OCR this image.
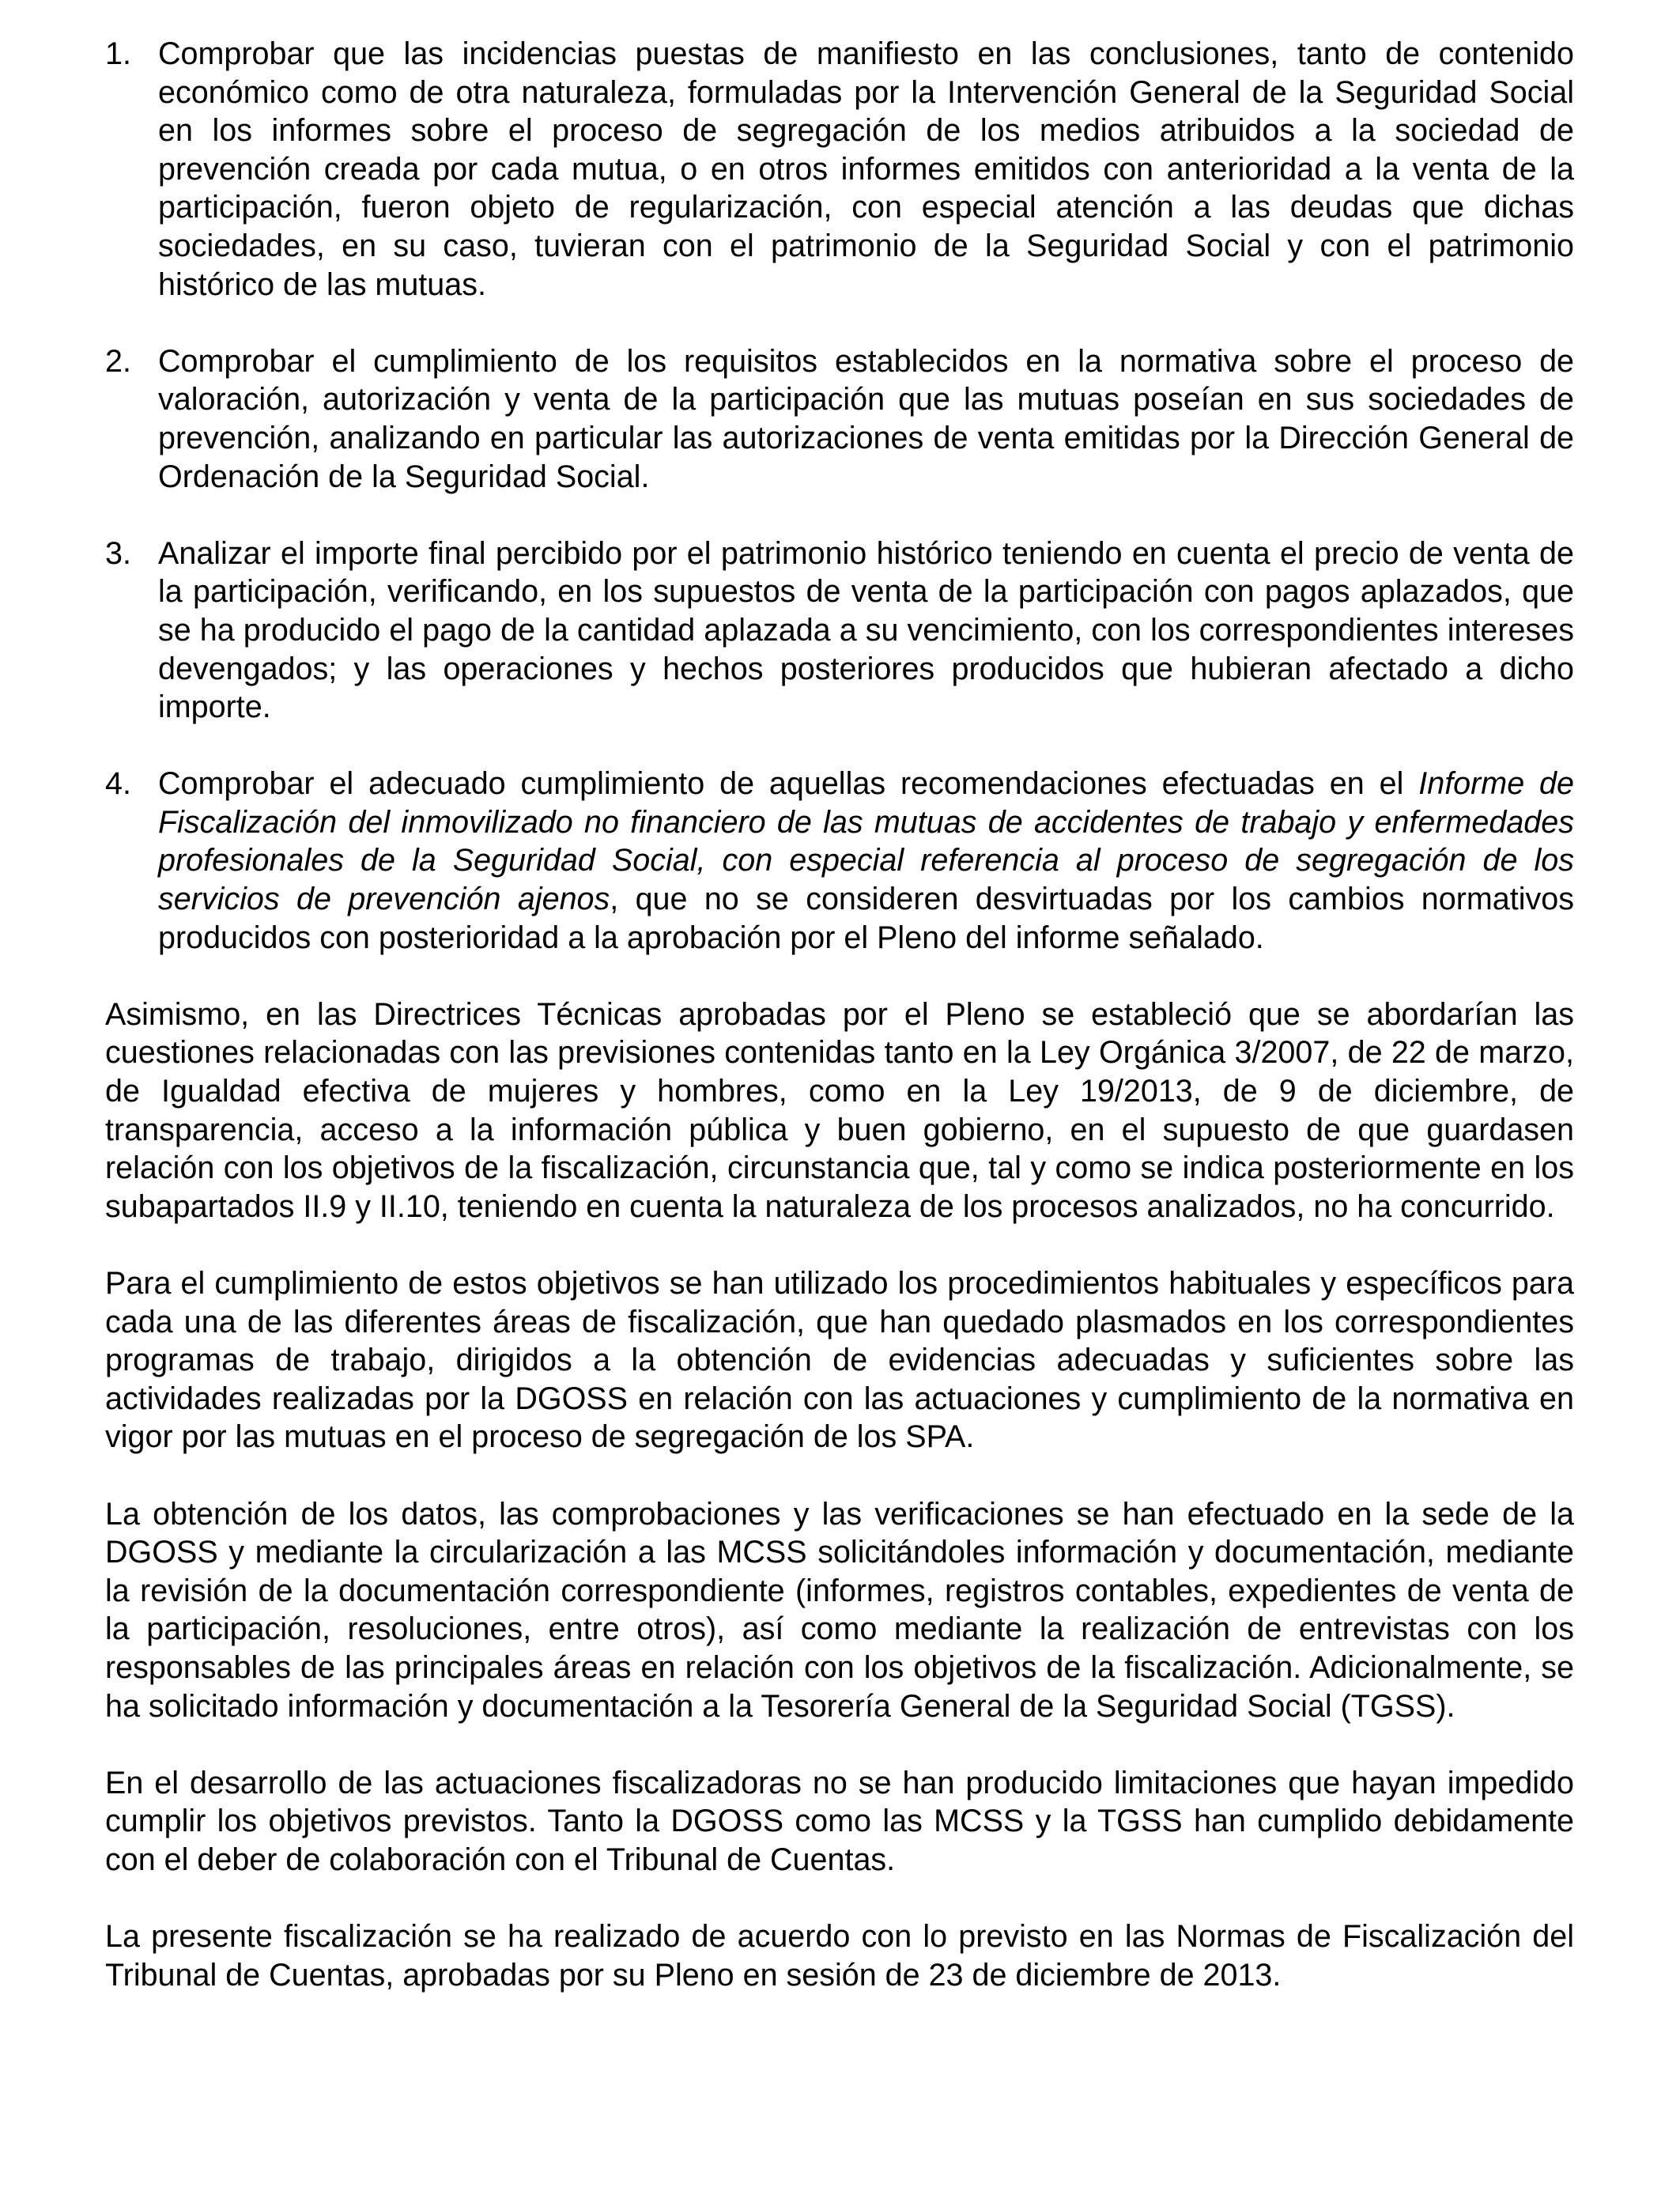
1. Comprobar que las incidencias puestas de manifiesto en las conclusiones, tanto de contenido económico como de otra naturaleza, formuladas por la Intervención General de la Seguridad Social en los informes sobre el proceso de segregación de los medios atribuidos a la sociedad de prevención creada por cada mutua, o en otros informes emitidos con anterioridad a la venta de la participación, fueron objeto de regularización, con especial atención a las deudas que dichas sociedades, en su caso, tuvieran con el patrimonio de la Seguridad Social y con el patrimonio histórico de las mutuas.
2. Comprobar el cumplimiento de los requisitos establecidos en la normativa sobre el proceso de valoración, autorización y venta de la participación que las mutuas poseían en sus sociedades de prevención, analizando en particular las autorizaciones de venta emitidas por la Dirección General de Ordenación de la Seguridad Social.
3. Analizar el importe final percibido por el patrimonio histórico teniendo en cuenta el precio de venta de la participación, verificando, en los supuestos de venta de la participación con pagos aplazados, que se ha producido el pago de la cantidad aplazada a su vencimiento, con los correspondientes intereses devengados; y las operaciones y hechos posteriores producidos que hubieran afectado a dicho importe.
4. Comprobar el adecuado cumplimiento de aquellas recomendaciones efectuadas en el Informe de Fiscalización del inmovilizado no financiero de las mutuas de accidentes de trabajo y enfermedades profesionales de la Seguridad Social, con especial referencia al proceso de segregación de los servicios de prevención ajenos, que no se consideren desvirtuadas por los cambios normativos producidos con posterioridad a la aprobación por el Pleno del informe señalado.

Asimismo, en las Directrices Técnicas aprobadas por el Pleno se estableció que se abordarían las cuestiones relacionadas con las previsiones contenidas tanto en la Ley Orgánica 3/2007, de 22 de marzo, de Igualdad efectiva de mujeres y hombres, como en la Ley 19/2013, de 9 de diciembre, de transparencia, acceso a la información pública y buen gobierno, en el supuesto de que guardasen relación con los objetivos de la fiscalización, circunstancia que, tal y como se indica posteriormente en los subapartados II.9 y II.10, teniendo en cuenta la naturaleza de los procesos analizados, no ha concurrido.

Para el cumplimiento de estos objetivos se han utilizado los procedimientos habituales y específicos para cada una de las diferentes áreas de fiscalización, que han quedado plasmados en los correspondientes programas de trabajo, dirigidos a la obtención de evidencias adecuadas y suficientes sobre las actividades realizadas por la DGOSS en relación con las actuaciones y cumplimiento de la normativa en vigor por las mutuas en el proceso de segregación de los SPA.

La obtención de los datos, las comprobaciones y las verificaciones se han efectuado en la sede de la DGOSS y mediante la circularización a las MCSS solicitándoles información y documentación, mediante la revisión de la documentación correspondiente (informes, registros contables, expedientes de venta de la participación, resoluciones, entre otros), así como mediante la realización de entrevistas con los responsables de las principales áreas en relación con los objetivos de la fiscalización. Adicionalmente, se ha solicitado información y documentación a la Tesorería General de la Seguridad Social (TGSS).

En el desarrollo de las actuaciones fiscalizadoras no se han producido limitaciones que hayan impedido cumplir los objetivos previstos. Tanto la DGOSS como las MCSS y la TGSS han cumplido debidamente con el deber de colaboración con el Tribunal de Cuentas.

La presente fiscalización se ha realizado de acuerdo con lo previsto en las Normas de Fiscalización del Tribunal de Cuentas, aprobadas por su Pleno en sesión de 23 de diciembre de 2013.
